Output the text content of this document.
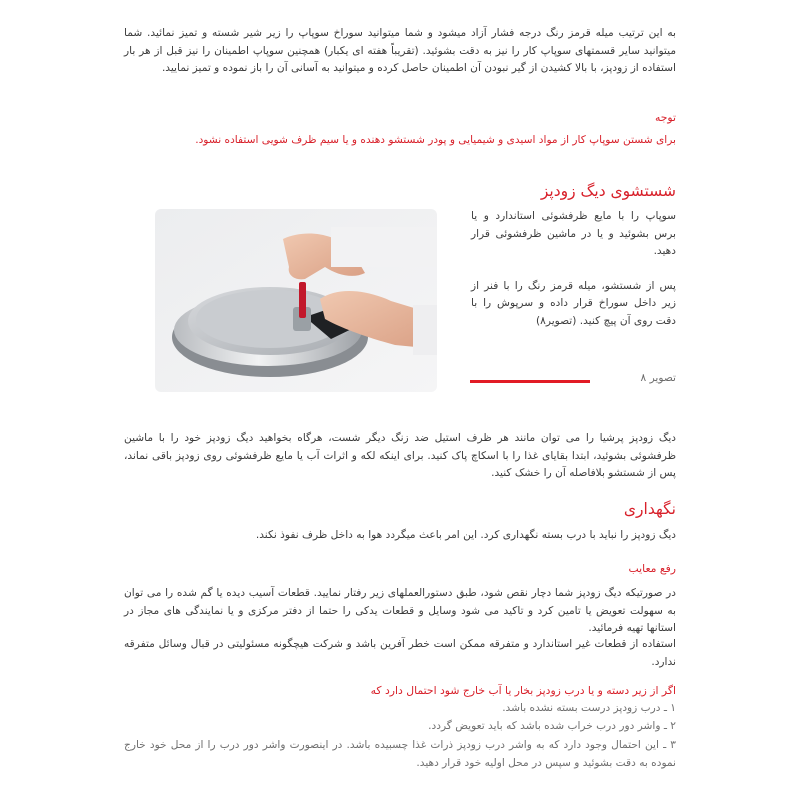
به این ترتیب میله قرمز رنگ درجه فشار آزاد میشود و شما میتوانید سوراخ سوپاپ را زیر شیر شسته و تمیز نمائید. شما میتوانید سایر قسمتهای سوپاپ کار را نیز به دقت بشوئید. (تقریباً هفته ای یکبار) همچنین سوپاپ اطمینان را نیز قبل از هر بار استفاده از زودپز، با بالا کشیدن از گیر نبودن آن اطمینان حاصل کرده و میتوانید به آسانی آن را باز نموده و تمیز نمایید.

توجه

برای شستن سوپاپ کار از مواد اسیدی و شیمیایی و پودر شستشو دهنده و یا سیم ظرف شویی استفاده نشود.

شستشوی دیگ زودپز

سوپاپ را با مایع ظرفشوئی استاندارد و یا برس بشوئید و یا در ماشین ظرفشوئی قرار دهید.

پس از شستشو، میله قرمز رنگ را با فنر از زیر داخل سوراخ قرار داده و سرپوش را با دقت روی آن پیچ کنید. (تصویر۸)

تصویر ۸

دیگ زودپز پرشیا را می توان مانند هر ظرف استیل ضد زنگ دیگر شست، هرگاه بخواهید دیگ زودپز خود را با ماشین ظرفشوئی بشوئید، ابتدا بقایای غذا را با اسکاچ پاک کنید. برای اینکه لکه و اثرات آب یا مایع ظرفشوئی روی زودپز باقی نماند، پس از شستشو بلافاصله آن را خشک کنید.

نگهداری

دیگ زودپز را نباید با درب بسته نگهداری کرد. این امر باعث میگردد هوا به داخل ظرف نفوذ نکند.

رفع معایب

در صورتیکه دیگ زودپز شما دچار نقص شود، طبق دستورالعملهای زیر رفتار نمایید. قطعات آسیب دیده یا گم شده را می توان به سهولت تعویض یا تامین کرد و تاکید می شود وسایل و قطعات یدکی را حتما از دفتر مرکزی و یا نمایندگی های مجاز در استانها تهیه فرمائید.

استفاده از قطعات غیر استاندارد و متفرقه ممکن است خطر آفرین باشد و شرکت هیچگونه مسئولیتی در قبال وسائل متفرقه ندارد.

اگر از زیر دسته و یا درب زودپز بخار یا آب خارج شود احتمال دارد که

۱ ـ درب زودپز درست بسته نشده باشد.

۲ ـ واشر دور درب خراب شده باشد که باید تعویض گردد.

۳ ـ این احتمال وجود دارد که به واشر درب زودپز ذرات غذا چسبیده باشد. در اینصورت واشر دور درب را از محل خود خارج نموده به دقت بشوئید و سپس در محل اولیه خود قرار دهید.
